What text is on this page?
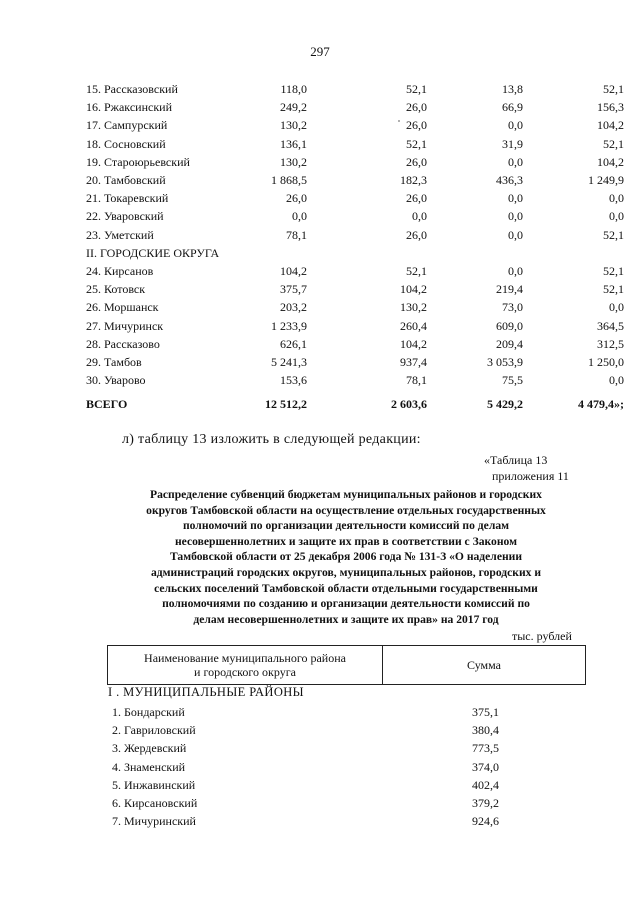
297
15. Рассказовский	118,0	52,1	13,8	52,1
16. Ржаксинский	249,2	26,0	66,9	156,3
17. Сампурский	130,2	26,0	0,0	104,2
18. Сосновский	136,1	52,1	31,9	52,1
19. Староюрьевский	130,2	26,0	0,0	104,2
20. Тамбовский	1 868,5	182,3	436,3	1 249,9
21. Токаревский	26,0	26,0	0,0	0,0
22. Уваровский	0,0	0,0	0,0	0,0
23. Уметский	78,1	26,0	0,0	52,1
II. ГОРОДСКИЕ ОКРУГА				
24. Кирсанов	104,2	52,1	0,0	52,1
25. Котовск	375,7	104,2	219,4	52,1
26. Моршанск	203,2	130,2	73,0	0,0
27. Мичуринск	1 233,9	260,4	609,0	364,5
28. Рассказово	626,1	104,2	209,4	312,5
29. Тамбов	5 241,3	937,4	3 053,9	1 250,0
30. Уварово	153,6	78,1	75,5	0,0
ВСЕГО	12 512,2	2 603,6	5 429,2	4 479,4»;
л) таблицу 13 изложить в следующей редакции:
«Таблица 13
приложения 11
Распределение субвенций бюджетам муниципальных районов и городских
округов Тамбовской области на осуществление отдельных государственных
полномочий по организации деятельности комиссий по делам
несовершеннолетних и защите их прав в соответствии с Законом
Тамбовской области от 25 декабря 2006 года № 131-З «О наделении
администраций городских округов, муниципальных районов, городских и
сельских поселений Тамбовской области отдельными государственными
полномочиями по созданию и организации деятельности комиссий по
делам несовершеннолетних и защите их прав» на 2017 год
тыс. рублей
Наименование муниципального района
и городского округа
Сумма
I . МУНИЦИПАЛЬНЫЕ РАЙОНЫ
1. Бондарский	375,1
2. Гавриловский	380,4
3. Жердевский	773,5
4. Знаменский	374,0
5. Инжавинский	402,4
6. Кирсановский	379,2
7. Мичуринский	924,6
